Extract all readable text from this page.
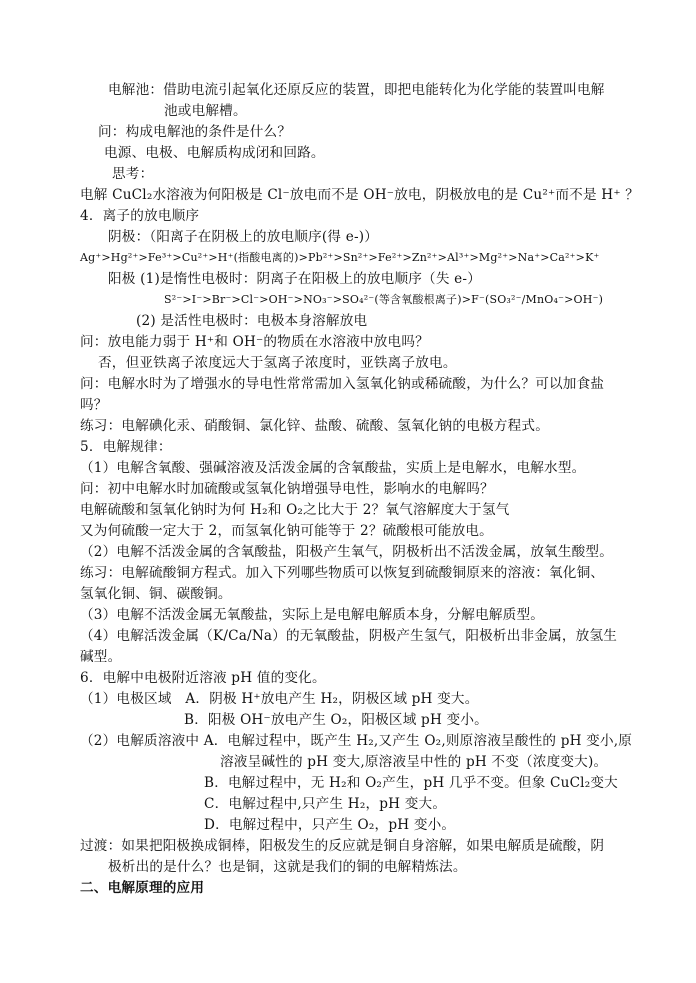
电解池：借助电流引起氧化还原反应的装置，即把电能转化为化学能的装置叫电解
池或电解槽。
问：构成电解池的条件是什么？
电源、电极、电解质构成闭和回路。
思考：
电解 CuCl₂水溶液为何阳极是 Cl⁻放电而不是 OH⁻放电，阴极放电的是 Cu²⁺而不是 H⁺ ？
4．离子的放电顺序
阴极：（阳离子在阴极上的放电顺序(得 e-)）
Ag⁺>Hg²⁺>Fe³⁺>Cu²⁺>H⁺(指酸电离的)>Pb²⁺>Sn²⁺>Fe²⁺>Zn²⁺>Al³⁺>Mg²⁺>Na⁺>Ca²⁺>K⁺
阳极 (1)是惰性电极时：阴离子在阳极上的放电顺序（失 e-）
S²⁻>I⁻>Br⁻>Cl⁻>OH⁻>NO₃⁻>SO₄²⁻(等含氧酸根离子)>F⁻(SO₃²⁻/MnO₄⁻>OH⁻)
(2) 是活性电极时：电极本身溶解放电
问：放电能力弱于 H⁺和 OH⁻的物质在水溶液中放电吗？
否，但亚铁离子浓度远大于氢离子浓度时，亚铁离子放电。
问：电解水时为了增强水的导电性常常需加入氢氧化钠或稀硫酸，为什么？可以加食盐
吗？
练习：电解碘化汞、硝酸铜、氯化锌、盐酸、硫酸、氢氧化钠的电极方程式。
5．电解规律：
（1）电解含氧酸、强碱溶液及活泼金属的含氧酸盐，实质上是电解水，电解水型。
问：初中电解水时加硫酸或氢氧化钠增强导电性，影响水的电解吗？
电解硫酸和氢氧化钠时为何 H₂和 O₂之比大于 2？氧气溶解度大于氢气
又为何硫酸一定大于 2，而氢氧化钠可能等于 2？硫酸根可能放电。
（2）电解不活泼金属的含氧酸盐，阳极产生氧气，阴极析出不活泼金属，放氧生酸型。
练习：电解硫酸铜方程式。加入下列哪些物质可以恢复到硫酸铜原来的溶液：氧化铜、
氢氧化铜、铜、碳酸铜。
（3）电解不活泼金属无氧酸盐，实际上是电解电解质本身，分解电解质型。
（4）电解活泼金属（K/Ca/Na）的无氧酸盐，阴极产生氢气，阳极析出非金属，放氢生
碱型。
6．电解中电极附近溶液 pH 值的变化。
（1）电极区域　A．阴极 H⁺放电产生 H₂，阴极区域 pH 变大。
B．阳极 OH⁻放电产生 O₂，阳极区域 pH 变小。
（2）电解质溶液中 A．电解过程中，既产生 H₂,又产生 O₂,则原溶液呈酸性的 pH 变小,原
溶液呈碱性的 pH 变大,原溶液呈中性的 pH 不变（浓度变大)。
B．电解过程中，无 H₂和 O₂产生，pH 几乎不变。但象 CuCl₂变大
C．电解过程中,只产生 H₂，pH 变大。
D．电解过程中，只产生 O₂，pH 变小。
过渡：如果把阳极换成铜棒，阳极发生的反应就是铜自身溶解，如果电解质是硫酸，阴
极析出的是什么？也是铜，这就是我们的铜的电解精炼法。
二、电解原理的应用
